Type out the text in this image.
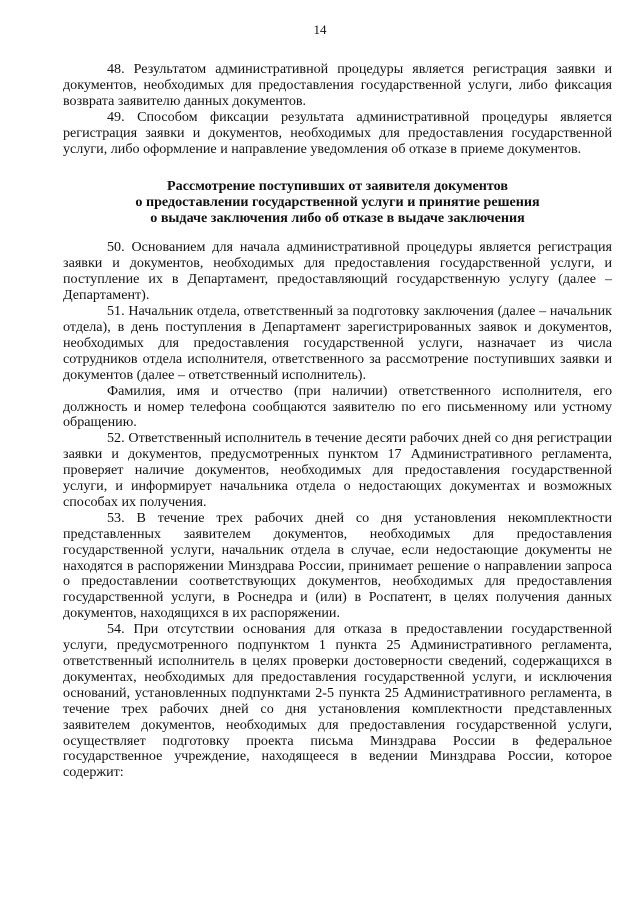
14

48. Результатом административной процедуры является регистрация заявки и документов, необходимых для предоставления государственной услуги, либо фиксация возврата заявителю данных документов.

49. Способом фиксации результата административной процедуры является регистрация заявки и документов, необходимых для предоставления государственной услуги, либо оформление и направление уведомления об отказе в приеме документов.

Рассмотрение поступивших от заявителя документов
о предоставлении государственной услуги и принятие решения
о выдаче заключения либо об отказе в выдаче заключения

50. Основанием для начала административной процедуры является регистрация заявки и документов, необходимых для предоставления государственной услуги, и поступление их в Департамент, предоставляющий государственную услугу (далее – Департамент).

51. Начальник отдела, ответственный за подготовку заключения (далее – начальник отдела), в день поступления в Департамент зарегистрированных заявок и документов, необходимых для предоставления государственной услуги, назначает из числа сотрудников отдела исполнителя, ответственного за рассмотрение поступивших заявки и документов (далее – ответственный исполнитель).

Фамилия, имя и отчество (при наличии) ответственного исполнителя, его должность и номер телефона сообщаются заявителю по его письменному или устному обращению.

52. Ответственный исполнитель в течение десяти рабочих дней со дня регистрации заявки и документов, предусмотренных пунктом 17 Административного регламента, проверяет наличие документов, необходимых для предоставления государственной услуги, и информирует начальника отдела о недостающих документах и возможных способах их получения.

53. В течение трех рабочих дней со дня установления некомплектности представленных заявителем документов, необходимых для предоставления государственной услуги, начальник отдела в случае, если недостающие документы не находятся в распоряжении Минздрава России, принимает решение о направлении запроса о предоставлении соответствующих документов, необходимых для предоставления государственной услуги, в Роснедра и (или) в Роспатент, в целях получения данных документов, находящихся в их распоряжении.

54. При отсутствии основания для отказа в предоставлении государственной услуги, предусмотренного подпунктом 1 пункта 25 Административного регламента, ответственный исполнитель в целях проверки достоверности сведений, содержащихся в документах, необходимых для предоставления государственной услуги, и исключения оснований, установленных подпунктами 2-5 пункта 25 Административного регламента, в течение трех рабочих дней со дня установления комплектности представленных заявителем документов, необходимых для предоставления государственной услуги, осуществляет подготовку проекта письма Минздрава России в федеральное государственное учреждение, находящееся в ведении Минздрава России, которое содержит:
